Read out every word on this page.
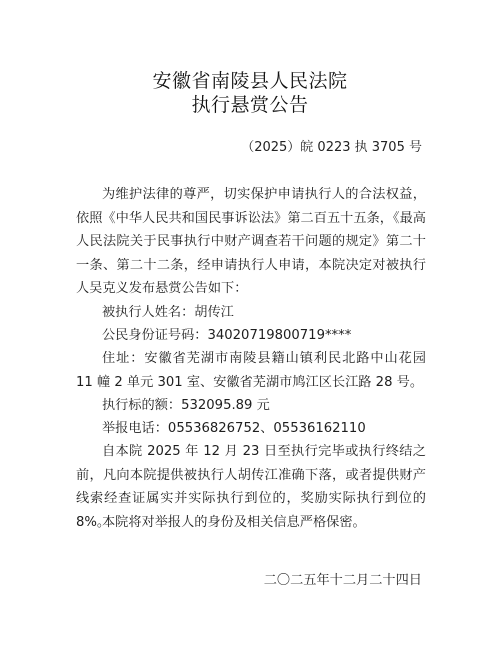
安徽省南陵县人民法院
执行悬赏公告
（2025）皖 0223 执 3705 号

为维护法律的尊严，切实保护申请执行人的合法权益，依照《中华人民共和国民事诉讼法》第二百五十五条，《最高人民法院关于民事执行中财产调查若干问题的规定》第二十一条、第二十二条，经申请执行人申请，本院决定对被执行人吴克义发布悬赏公告如下：

被执行人姓名：胡传江

公民身份证号码：34020719800719****

住址：安徽省芜湖市南陵县籍山镇利民北路中山花园 11 幢 2 单元 301 室、安徽省芜湖市鸠江区长江路 28 号。

执行标的额：532095.89 元

举报电话：05536826752、05536162110

自本院 2025 年 12 月 23 日至执行完毕或执行终结之前，凡向本院提供被执行人胡传江准确下落，或者提供财产线索经查证属实并实际执行到位的，奖励实际执行到位的 8%。

本院将对举报人的身份及相关信息严格保密。

二〇二五年十二月二十四日
